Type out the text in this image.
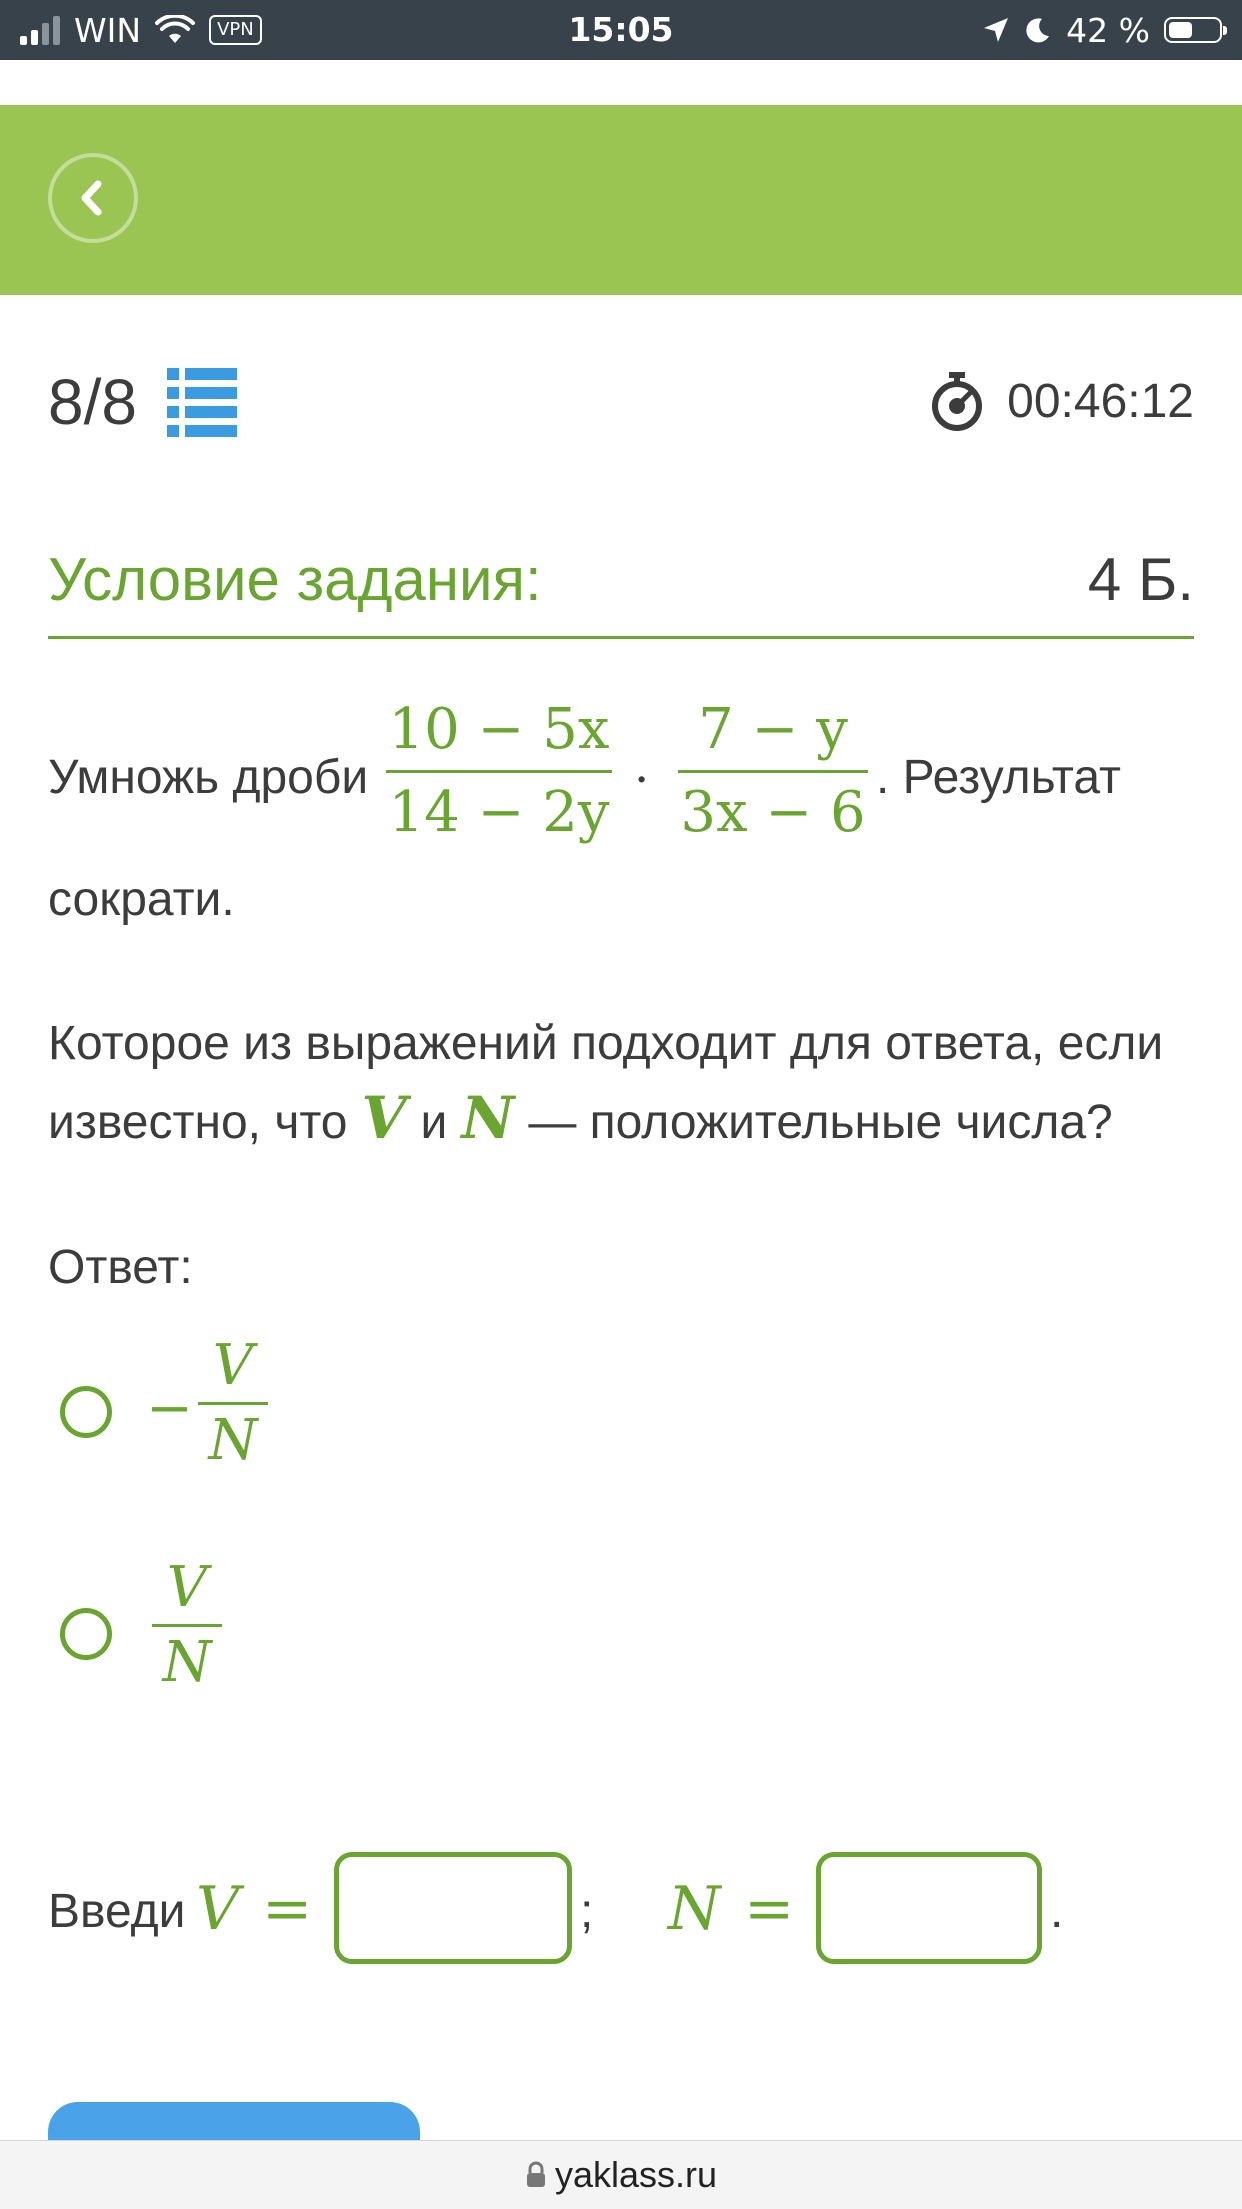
WIN	VPN	15:05	42 %
8/8	00:46:12
Условие задания:	4 Б.
Умножь дроби
10 − 5x
14 − 2y ·
7 − y
3x − 6
. Результат
сократи.
Которое из выражений подходит для ответа, если
известно, что V и N — положительные числа?
Ответ:
−
V
N
V
N
Введи V =	; N =	.
yaklass.ru
